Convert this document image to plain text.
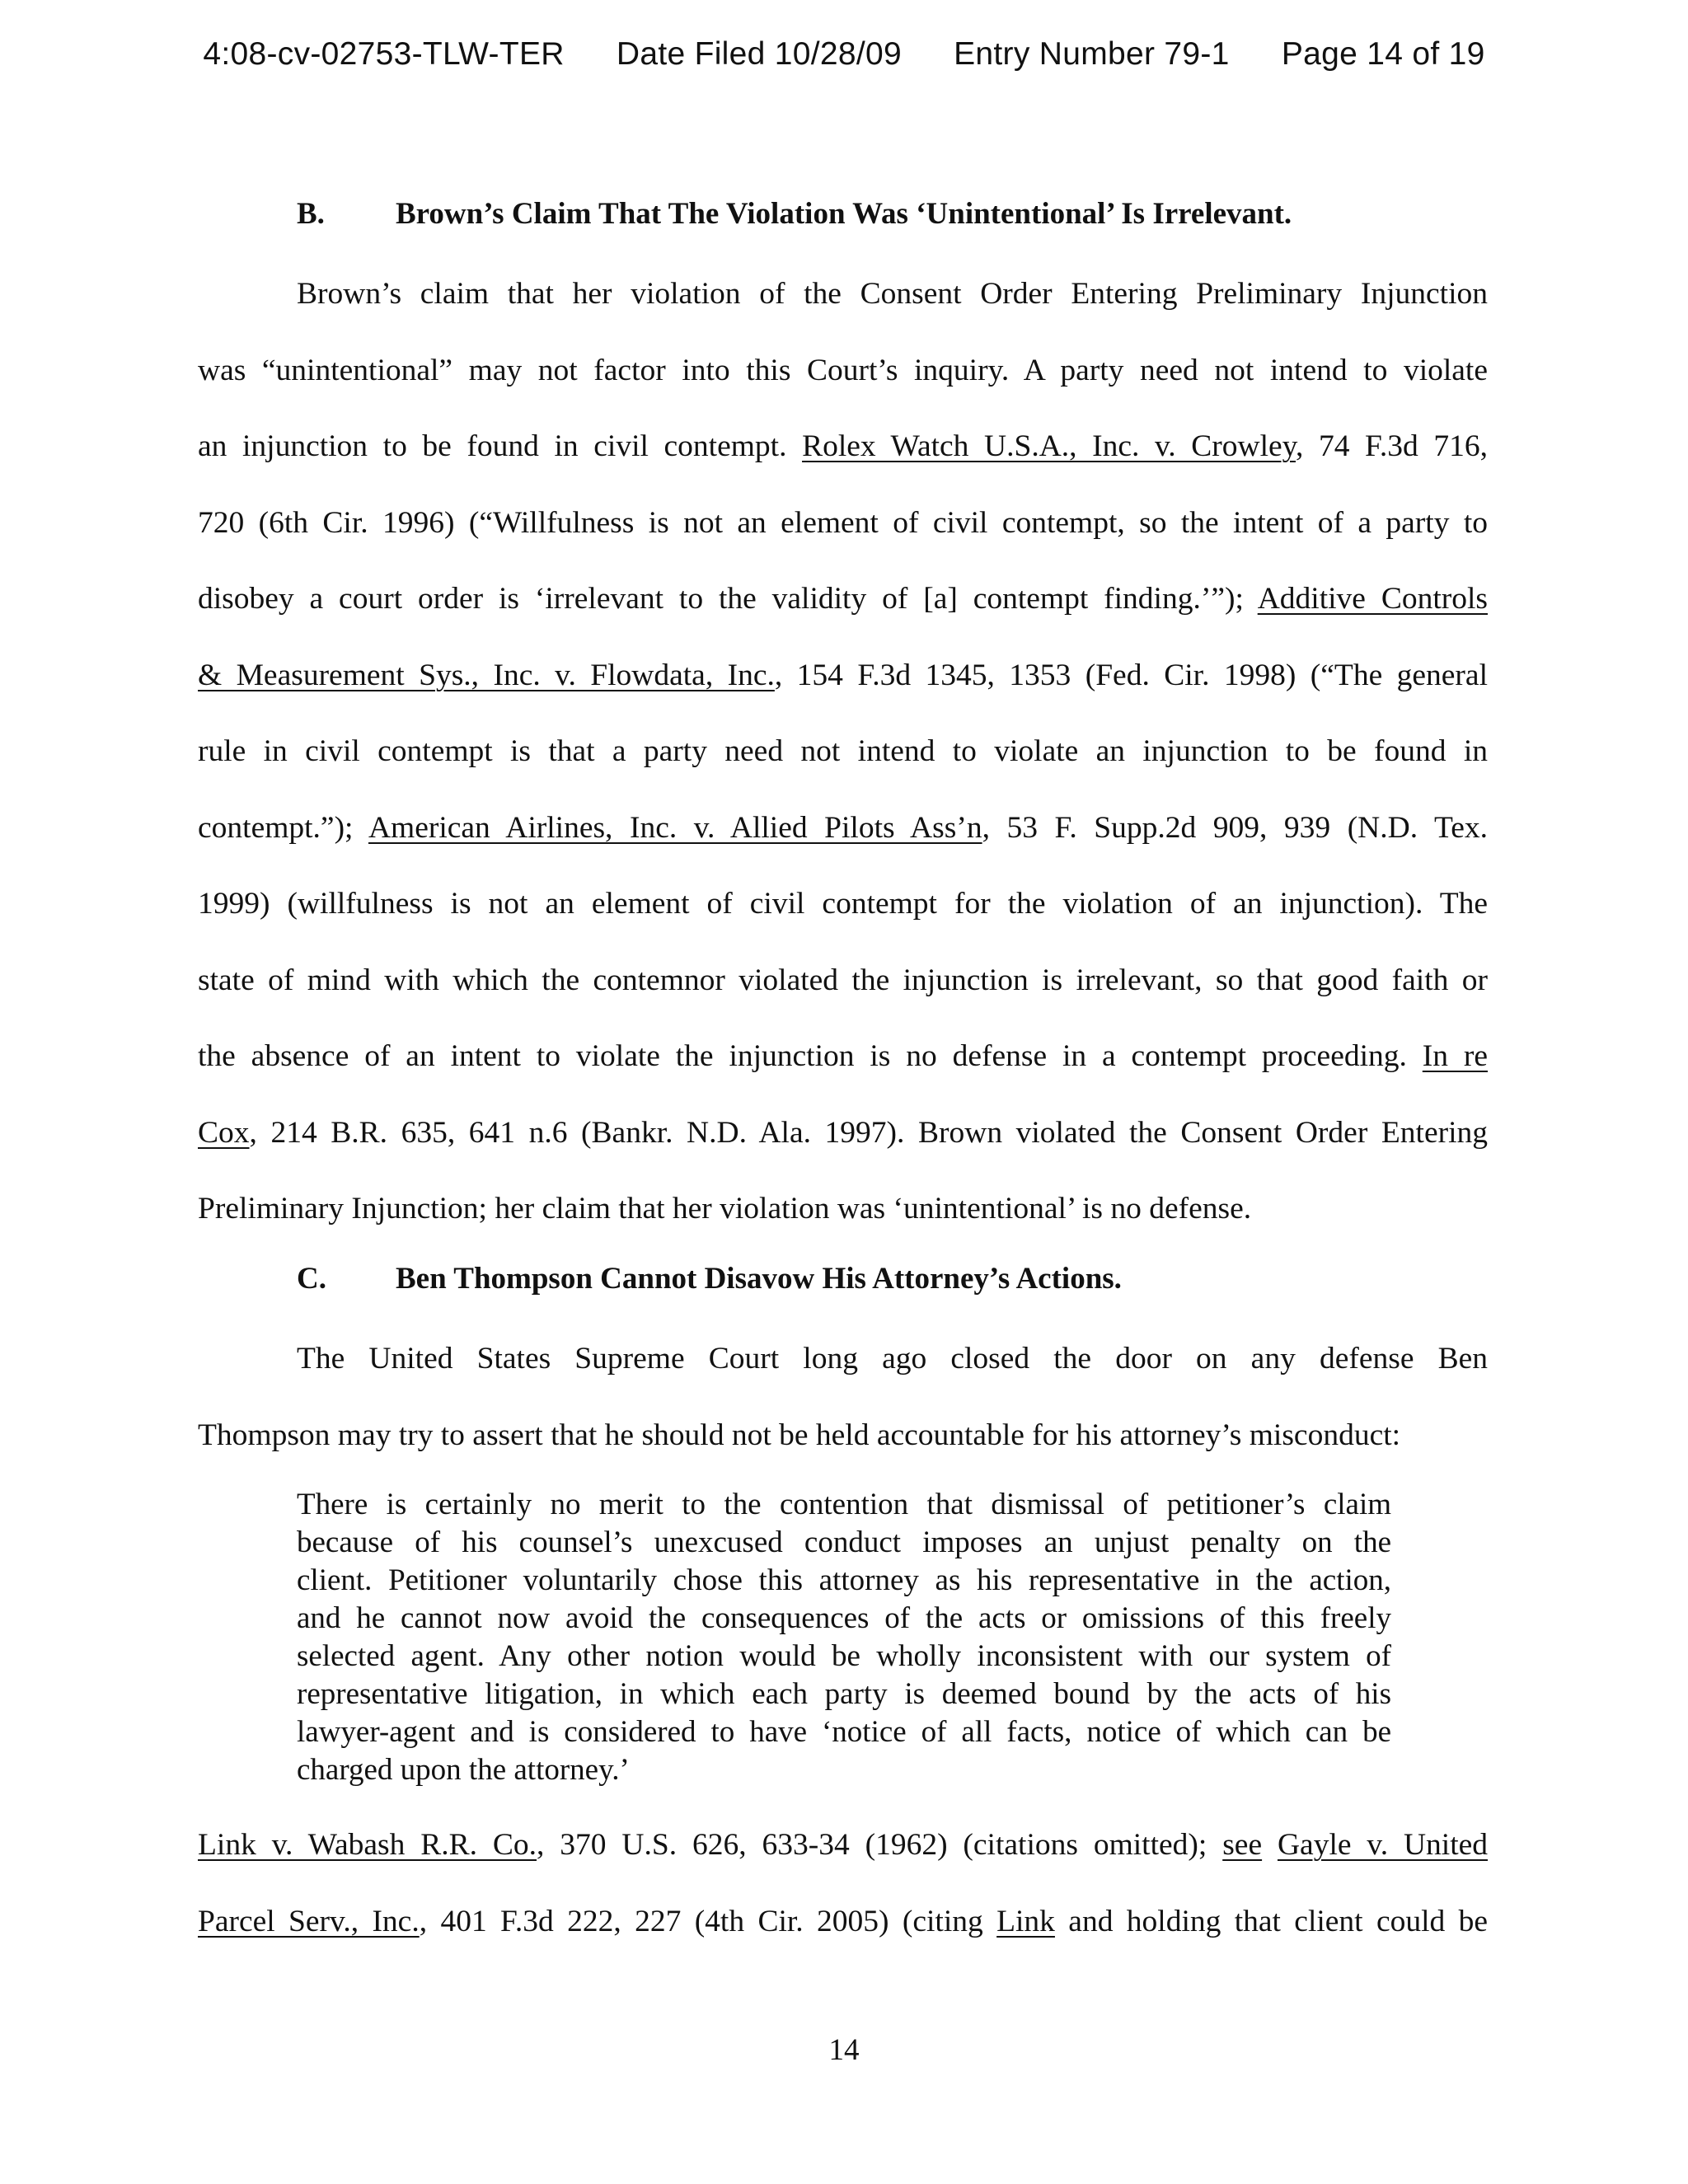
4:08-cv-02753-TLW-TER Date Filed 10/28/09 Entry Number 79-1 Page 14 of 19
B. Brown’s Claim That The Violation Was ‘Unintentional’ Is Irrelevant.
Brown’s claim that her violation of the Consent Order Entering Preliminary Injunction
was “unintentional” may not factor into this Court’s inquiry. A party need not intend to violate
an injunction to be found in civil contempt. Rolex Watch U.S.A., Inc. v. Crowley, 74 F.3d 716,
720 (6th Cir. 1996) (“Willfulness is not an element of civil contempt, so the intent of a party to
disobey a court order is ‘irrelevant to the validity of [a] contempt finding.’”); Additive Controls
& Measurement Sys., Inc. v. Flowdata, Inc., 154 F.3d 1345, 1353 (Fed. Cir. 1998) (“The general
rule in civil contempt is that a party need not intend to violate an injunction to be found in
contempt.”); American Airlines, Inc. v. Allied Pilots Ass’n, 53 F. Supp.2d 909, 939 (N.D. Tex.
1999) (willfulness is not an element of civil contempt for the violation of an injunction). The
state of mind with which the contemnor violated the injunction is irrelevant, so that good faith or
the absence of an intent to violate the injunction is no defense in a contempt proceeding. In re
Cox, 214 B.R. 635, 641 n.6 (Bankr. N.D. Ala. 1997). Brown violated the Consent Order Entering
Preliminary Injunction; her claim that her violation was ‘unintentional’ is no defense.
C. Ben Thompson Cannot Disavow His Attorney’s Actions.
The United States Supreme Court long ago closed the door on any defense Ben
Thompson may try to assert that he should not be held accountable for his attorney’s misconduct:
There is certainly no merit to the contention that dismissal of petitioner’s claim
because of his counsel’s unexcused conduct imposes an unjust penalty on the
client. Petitioner voluntarily chose this attorney as his representative in the action,
and he cannot now avoid the consequences of the acts or omissions of this freely
selected agent. Any other notion would be wholly inconsistent with our system of
representative litigation, in which each party is deemed bound by the acts of his
lawyer-agent and is considered to have ‘notice of all facts, notice of which can be
charged upon the attorney.’
Link v. Wabash R.R. Co., 370 U.S. 626, 633-34 (1962) (citations omitted); see Gayle v. United
Parcel Serv., Inc., 401 F.3d 222, 227 (4th Cir. 2005) (citing Link and holding that client could be
14
